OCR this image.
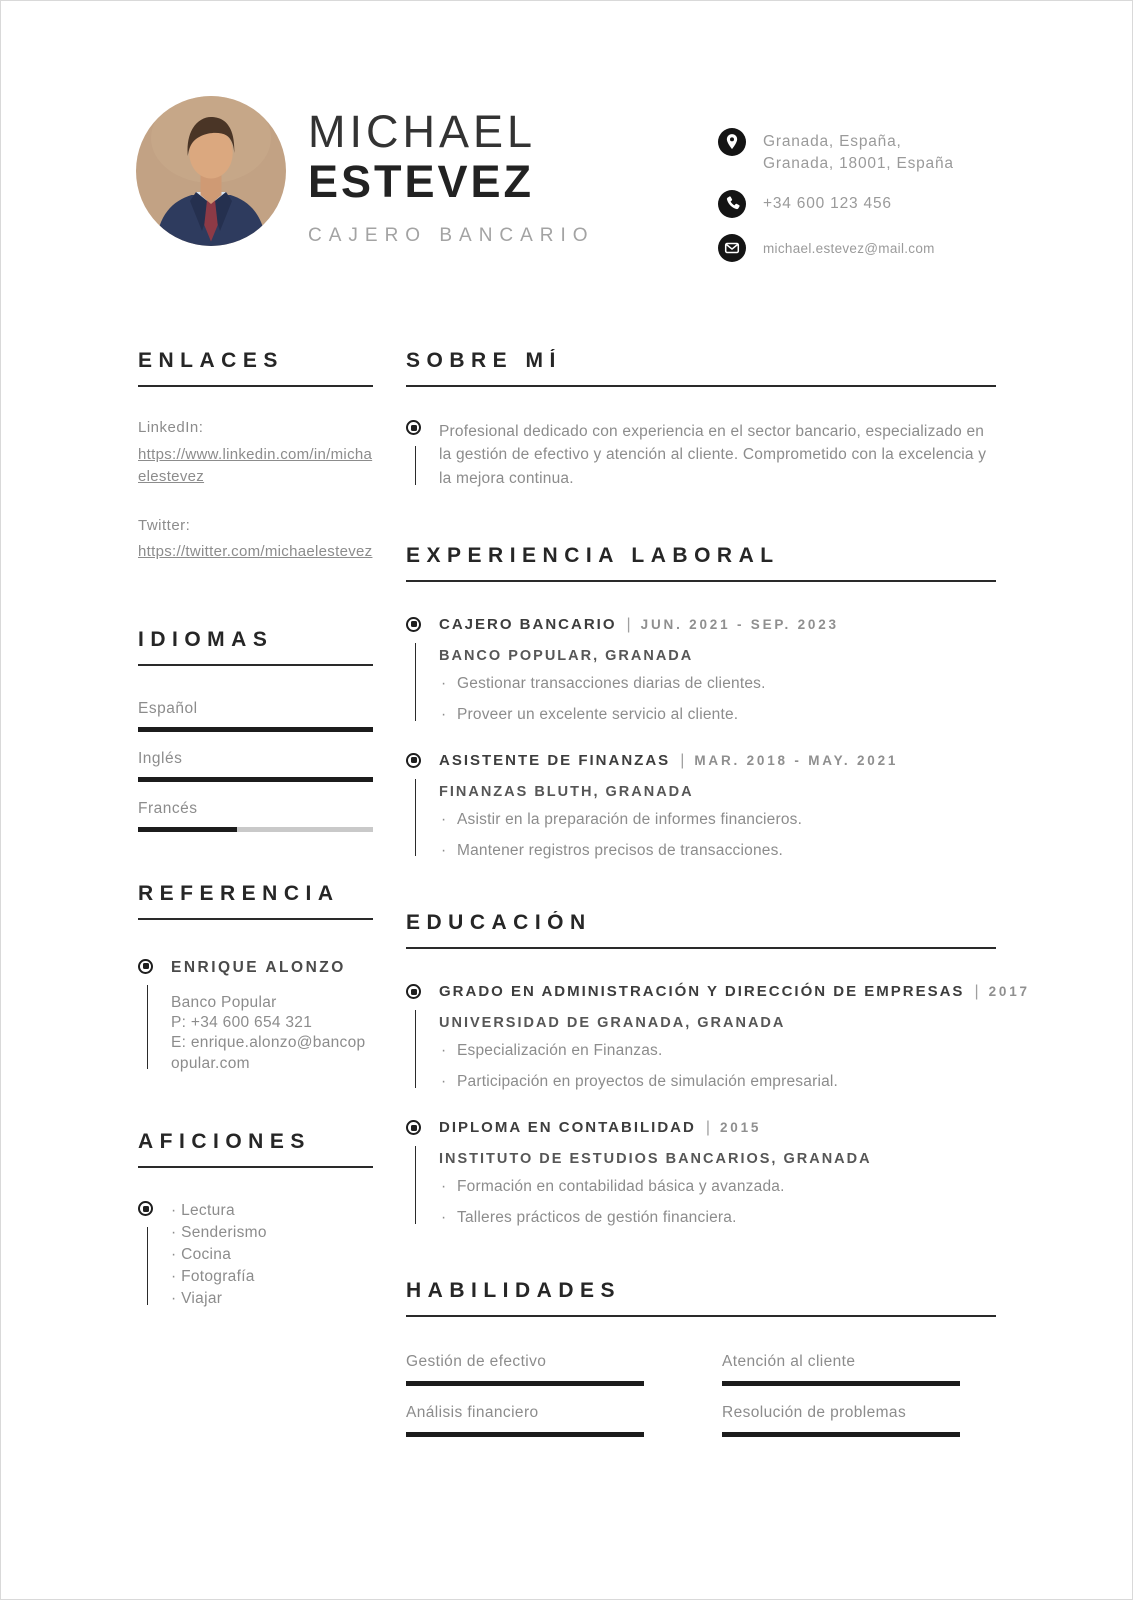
MICHAEL
ESTEVEZ
CAJERO BANCARIO
Granada, España, Granada, 18001, España
+34 600 123 456
michael.estevez@mail.com
ENLACES
LinkedIn:
https://www.linkedin.com/in/michaelestevez
Twitter:
https://twitter.com/michaelestevez
IDIOMAS
Español
Inglés
Francés
REFERENCIA
ENRIQUE ALONZO
Banco Popular
P: +34 600 654 321
E: enrique.alonzo@bancopopular.com
AFICIONES
· Lectura
· Senderismo
· Cocina
· Fotografía
· Viajar
SOBRE MÍ

Profesional dedicado con experiencia en el sector bancario, especializado en la gestión de efectivo y atención al cliente. Comprometido con la excelencia y la mejora continua.

EXPERIENCIA LABORAL
CAJERO BANCARIO | JUN. 2021 - SEP. 2023
BANCO POPULAR, GRANADA
· Gestionar transacciones diarias de clientes.
· Proveer un excelente servicio al cliente.
ASISTENTE DE FINANZAS | MAR. 2018 - MAY. 2021
FINANZAS BLUTH, GRANADA
· Asistir en la preparación de informes financieros.
· Mantener registros precisos de transacciones.
EDUCACIÓN
GRADO EN ADMINISTRACIÓN Y DIRECCIÓN DE EMPRESAS | 2017
UNIVERSIDAD DE GRANADA, GRANADA
· Especialización en Finanzas.
· Participación en proyectos de simulación empresarial.
DIPLOMA EN CONTABILIDAD | 2015
INSTITUTO DE ESTUDIOS BANCARIOS, GRANADA
· Formación en contabilidad básica y avanzada.
· Talleres prácticos de gestión financiera.
HABILIDADES
Gestión de efectivo	Atención al cliente
Análisis financiero	Resolución de problemas
